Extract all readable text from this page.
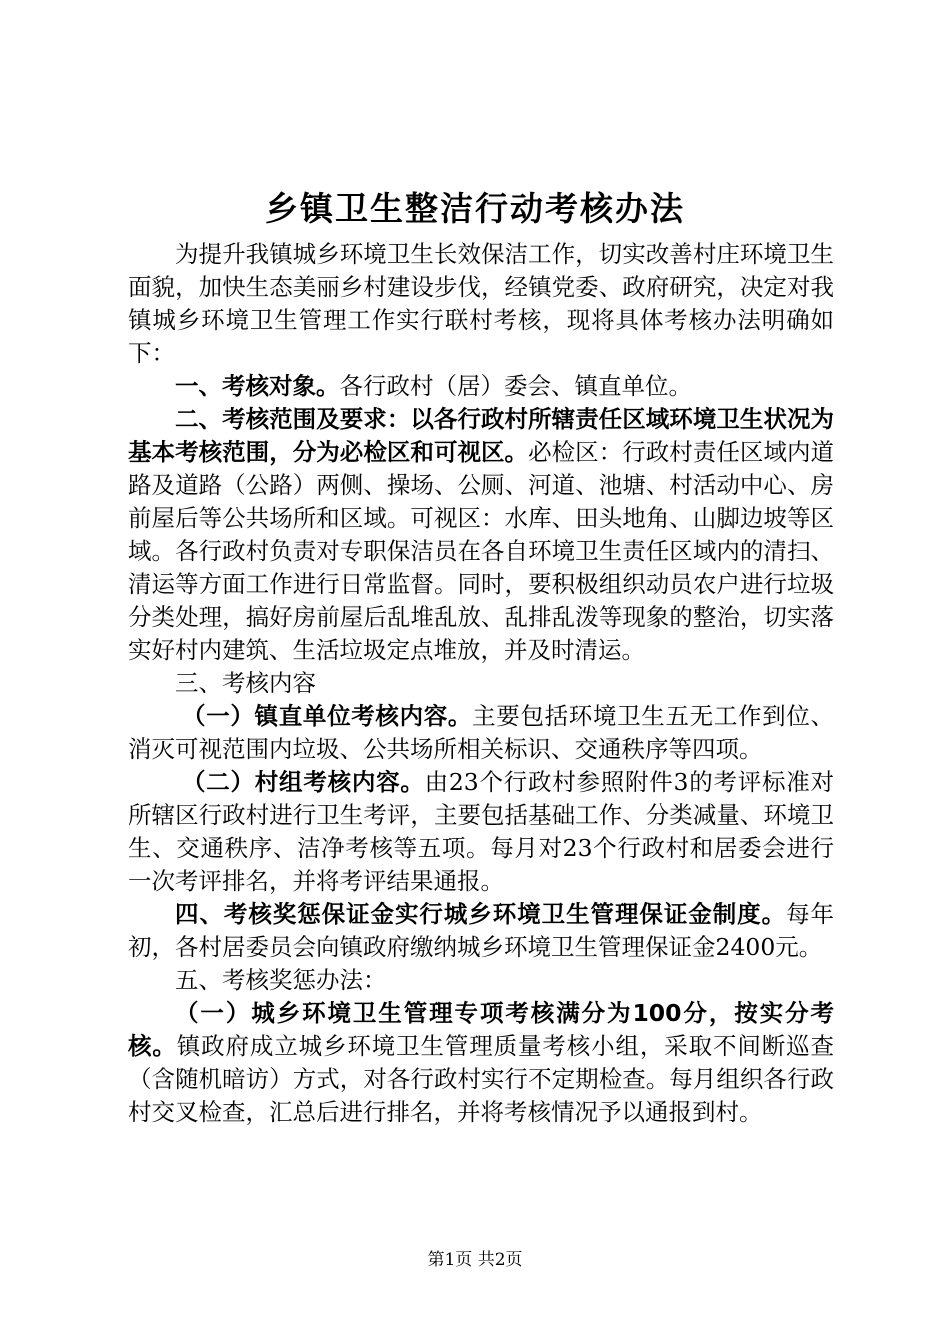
乡镇卫生整洁行动考核办法

为提升我镇城乡环境卫生长效保洁工作，切实改善村庄环境卫生面貌，加快生态美丽乡村建设步伐，经镇党委、政府研究，决定对我镇城乡环境卫生管理工作实行联村考核，现将具体考核办法明确如下：

一、考核对象。各行政村（居）委会、镇直单位。

二、考核范围及要求：以各行政村所辖责任区域环境卫生状况为基本考核范围，分为必检区和可视区。必检区：行政村责任区域内道路及道路（公路）两侧、操场、公厕、河道、池塘、村活动中心、房前屋后等公共场所和区域。可视区：水库、田头地角、山脚边坡等区域。各行政村负责对专职保洁员在各自环境卫生责任区域内的清扫、清运等方面工作进行日常监督。同时，要积极组织动员农户进行垃圾分类处理，搞好房前屋后乱堆乱放、乱排乱泼等现象的整治，切实落实好村内建筑、生活垃圾定点堆放，并及时清运。

三、考核内容

（一）镇直单位考核内容。主要包括环境卫生五无工作到位、消灭可视范围内垃圾、公共场所相关标识、交通秩序等四项。

（二）村组考核内容。由23个行政村参照附件3的考评标准对所辖区行政村进行卫生考评，主要包括基础工作、分类减量、环境卫生、交通秩序、洁净考核等五项。每月对23个行政村和居委会进行一次考评排名，并将考评结果通报。

四、考核奖惩保证金实行城乡环境卫生管理保证金制度。每年初，各村居委员会向镇政府缴纳城乡环境卫生管理保证金2400元。

五、考核奖惩办法：

（一）城乡环境卫生管理专项考核满分为100分，按实分考核。镇政府成立城乡环境卫生管理质量考核小组，采取不间断巡查（含随机暗访）方式，对各行政村实行不定期检查。每月组织各行政村交叉检查，汇总后进行排名，并将考核情况予以通报到村。

第1页 共2页
